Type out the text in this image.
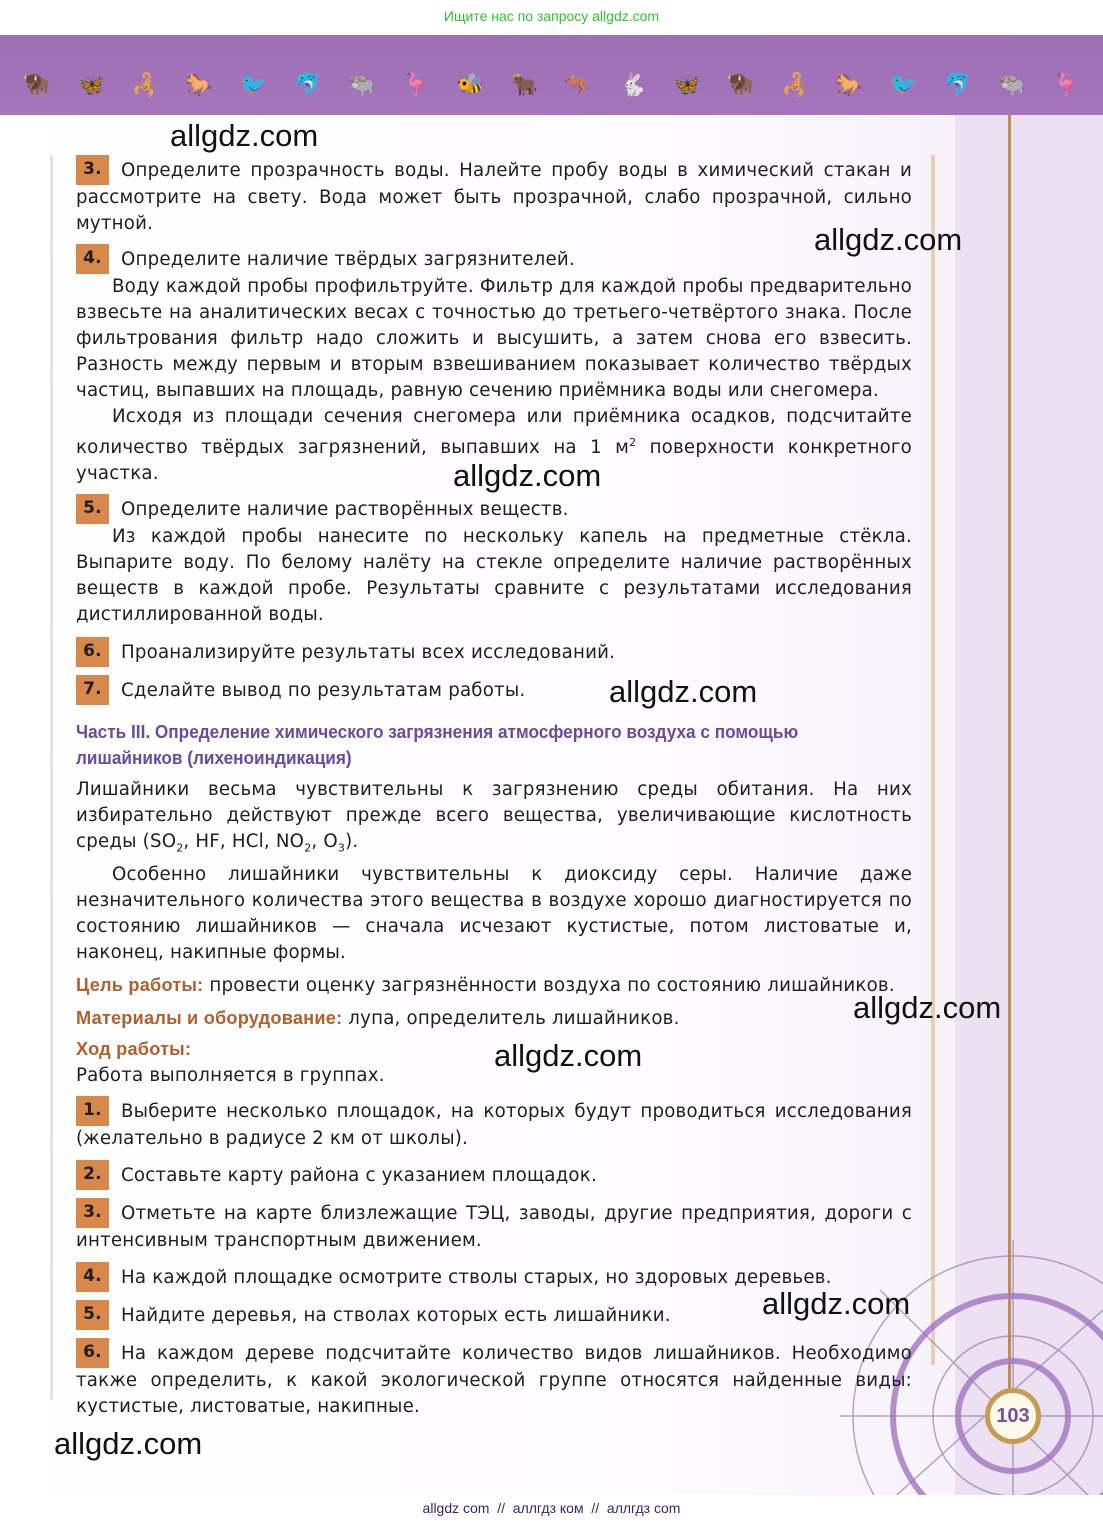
Ищите нас по запросу allgdz.com
🦬 🦋 🦂 🐎 🐦 🐬 🐃 🦩 🐝 🐂 🦘 🐇 🦋 🦬 🦂 🐎 🐦 🐬 🐃 🦩
103

3. Определите прозрачность воды. Налейте пробу воды в химический стакан и рассмотрите на свету. Вода может быть прозрачной, слабо прозрачной, сильно мутной.

4. Определите наличие твёрдых загрязнителей.

Воду каждой пробы профильтруйте. Фильтр для каждой пробы предварительно взвесьте на аналитических весах с точностью до третьего-четвёртого знака. После фильтрования фильтр надо сложить и высушить, а затем снова его взвесить. Разность между первым и вторым взвешиванием показывает количество твёрдых частиц, выпавших на площадь, равную сечению приёмника воды или снегомера.

Исходя из площади сечения снегомера или приёмника осадков, подсчитайте количество твёрдых загрязнений, выпавших на 1 $м^2$ поверхности конкретного участка.

5. Определите наличие растворённых веществ.

Из каждой пробы нанесите по нескольку капель на предметные стёкла. Выпарите воду. По белому налёту на стекле определите наличие растворённых веществ в каждой пробе. Результаты сравните с результатами исследования дистиллированной воды.

6. Проанализируйте результаты всех исследований.

7. Сделайте вывод по результатам работы.

Часть III. Определение химического загрязнения атмосферного воздуха с помощью лишайников (лихеноиндикация)

Лишайники весьма чувствительны к загрязнению среды обитания. На них избирательно действуют прежде всего вещества, увеличивающие кислотность среды ($SO_2$, HF, HCl, $NO_2$, $O_3$).

Особенно лишайники чувствительны к диоксиду серы. Наличие даже незначительного количества этого вещества в воздухе хорошо диагностируется по состоянию лишайников — сначала исчезают кустистые, потом листоватые и, наконец, накипные формы.

Цель работы: провести оценку загрязнённости воздуха по состоянию лишайников.

Материалы и оборудование: лупа, определитель лишайников.

Ход работы:

Работа выполняется в группах.

1. Выберите несколько площадок, на которых будут проводиться исследования (желательно в радиусе 2 км от школы).

2. Составьте карту района с указанием площадок.

3. Отметьте на карте близлежащие ТЭЦ, заводы, другие предприятия, дороги с интенсивным транспортным движением.

4. На каждой площадке осмотрите стволы старых, но здоровых деревьев.

5. Найдите деревья, на стволах которых есть лишайники.

6. На каждом дереве подсчитайте количество видов лишайников. Необходимо также определить, к какой экологической группе относятся найденные виды: кустистые, листоватые, накипные.

allgdz.com
allgdz.com
allgdz.com
allgdz.com
allgdz.com
allgdz.com
allgdz.com
allgdz.com
allgdz com  //  аллгдз ком  //  аллгдз com
